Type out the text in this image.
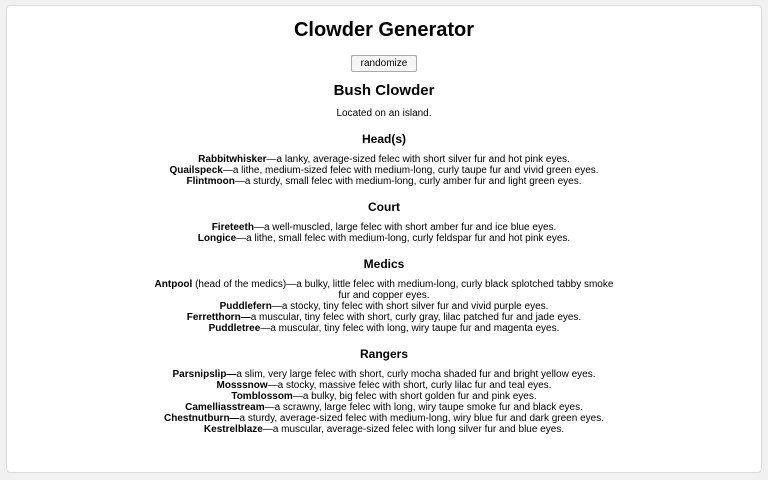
Clowder Generator
randomize
Bush Clowder

Located on an island.

Head(s)

Rabbitwhisker—a lanky, average-sized felec with short silver fur and hot pink eyes.

Quailspeck—a lithe, medium-sized felec with medium-long, curly taupe fur and vivid green eyes.

Flintmoon—a sturdy, small felec with medium-long, curly amber fur and light green eyes.

Court

Fireteeth—a well-muscled, large felec with short amber fur and ice blue eyes.

Longice—a lithe, small felec with medium-long, curly feldspar fur and hot pink eyes.

Medics

Antpool (head of the medics)—a bulky, little felec with medium-long, curly black splotched tabby smoke fur and copper eyes.

Puddlefern—a stocky, tiny felec with short silver fur and vivid purple eyes.

Ferretthorn—a muscular, tiny felec with short, curly gray, lilac patched fur and jade eyes.

Puddletree—a muscular, tiny felec with long, wiry taupe fur and magenta eyes.

Rangers

Parsnipslip—a slim, very large felec with short, curly mocha shaded fur and bright yellow eyes.

Mosssnow—a stocky, massive felec with short, curly lilac fur and teal eyes.

Tomblossom—a bulky, big felec with short golden fur and pink eyes.

Camelliasstream—a scrawny, large felec with long, wiry taupe smoke fur and black eyes.

Chestnutburn—a sturdy, average-sized felec with medium-long, wiry blue fur and dark green eyes.

Kestrelblaze—a muscular, average-sized felec with long silver fur and blue eyes.
